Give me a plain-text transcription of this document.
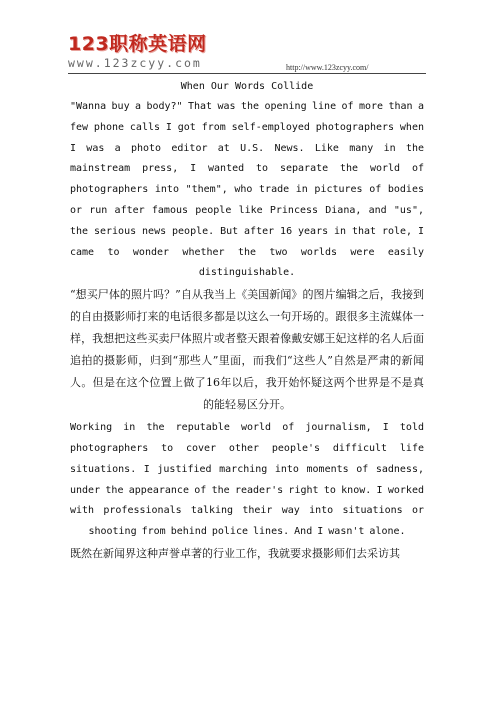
123职称英语网
www.123zcyy.com	http://www.123zcyy.com/

When Our Words Collide

"Wanna buy a body?" That was the opening line of more than a few phone calls I got from self-employed photographers when I was a photo editor at U.S. News. Like many in the mainstream press, I wanted to separate the world of photographers into "them", who trade in pictures of bodies or run after famous people like Princess Diana, and "us", the serious news people. But after 16 years in that role, I came to wonder whether the two worlds were easily distinguishable.

“想买尸体的照片吗？”自从我当上《美国新闻》的图片编辑之后，我接到的自由摄影师打来的电话很多都是以这么一句开场的。跟很多主流媒体一样，我想把这些买卖尸体照片或者整天跟着像戴安娜王妃这样的名人后面追拍的摄影师，归到“那些人”里面，而我们“这些人”自然是严肃的新闻人。但是在这个位置上做了16年以后，我开始怀疑这两个世界是不是真的能轻易区分开。

Working in the reputable world of journalism, I told photographers to cover other people's difficult life situations. I justified marching into moments of sadness, under the appearance of the reader's right to know. I worked with professionals talking their way into situations or shooting from behind police lines. And I wasn't alone.

既然在新闻界这种声誉卓著的行业工作，我就要求摄影师们去采访其
